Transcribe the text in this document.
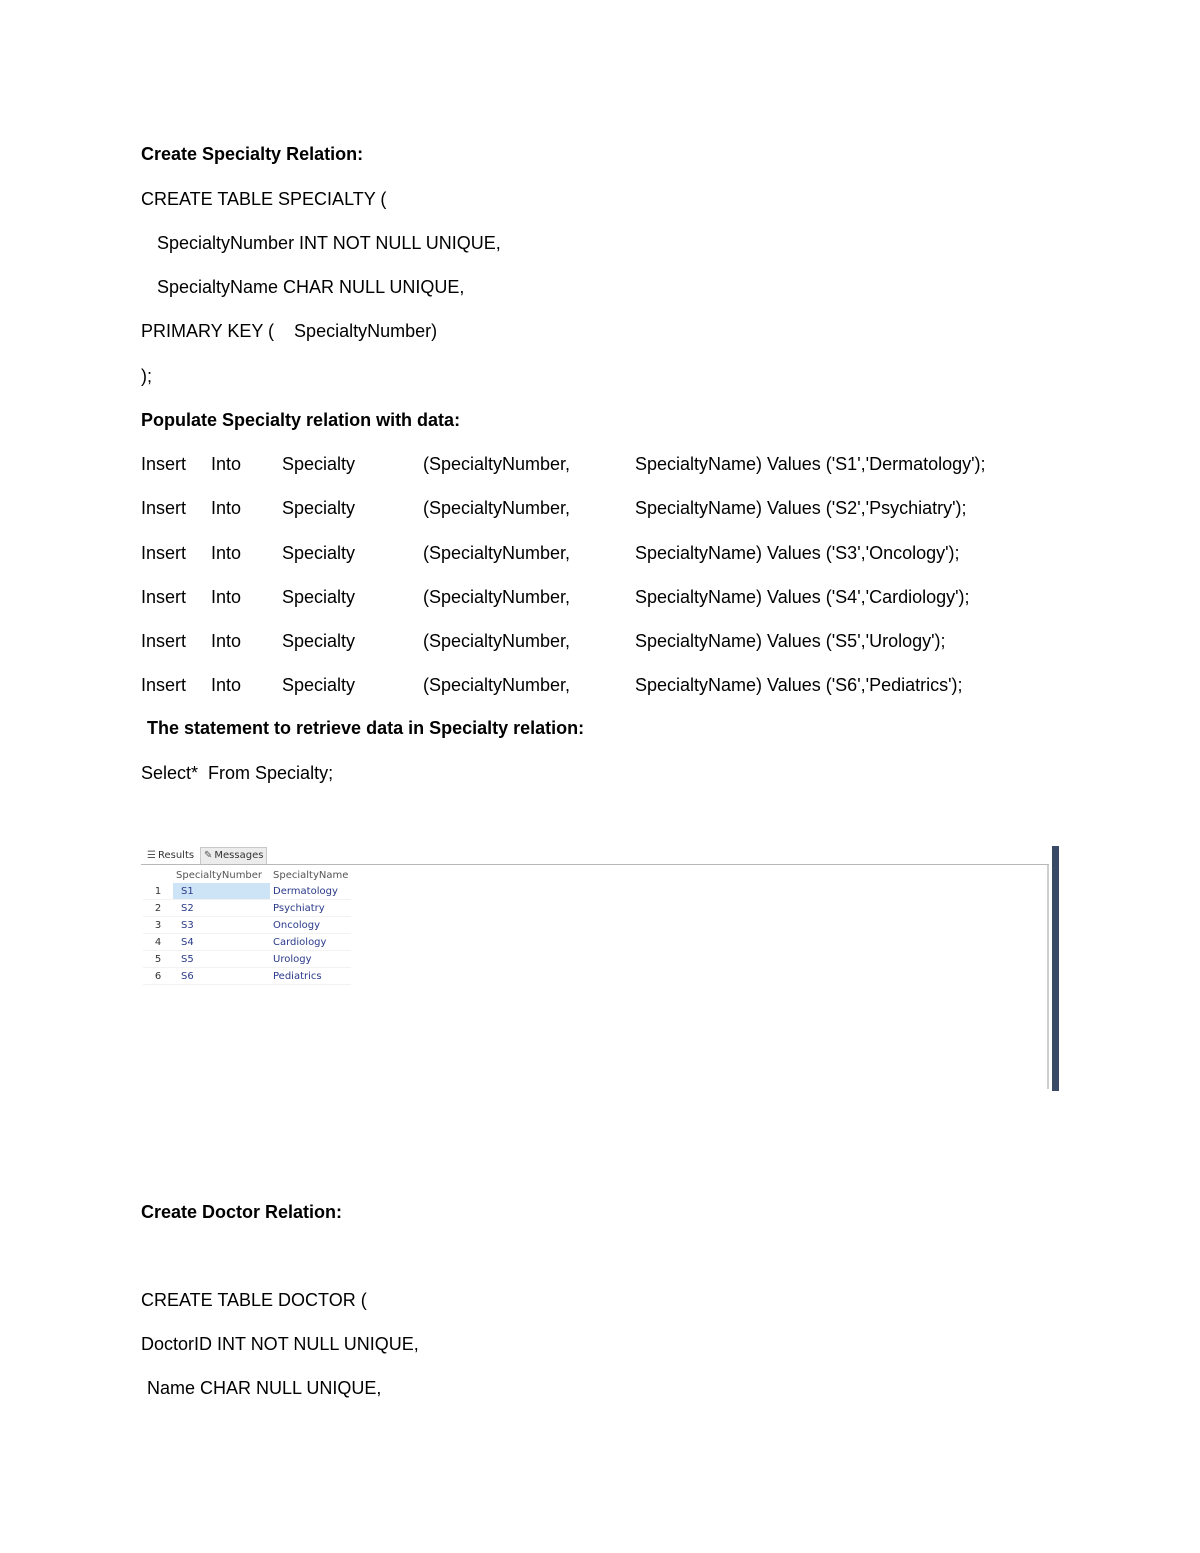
Create Specialty Relation:
CREATE TABLE SPECIALTY (
SpecialtyNumber INT NOT NULL UNIQUE,
SpecialtyName CHAR NULL UNIQUE,
PRIMARY KEY (    SpecialtyNumber)
);
Populate Specialty relation with data:
Insert Into Specialty	(SpecialtyNumber,	SpecialtyName) Values ('S1','Dermatology');
Insert Into Specialty	(SpecialtyNumber,	SpecialtyName) Values ('S2','Psychiatry');
Insert Into Specialty	(SpecialtyNumber,	SpecialtyName) Values ('S3','Oncology');
Insert Into Specialty	(SpecialtyNumber,	SpecialtyName) Values ('S4','Cardiology');
Insert Into Specialty	(SpecialtyNumber,	SpecialtyName) Values ('S5','Urology');
Insert Into Specialty	(SpecialtyNumber,	SpecialtyName) Values ('S6','Pediatrics');
The statement to retrieve data in Specialty relation:
Select*  From Specialty;
☰ Results ✎ Messages
	SpecialtyNumber	SpecialtyName
1	S1	Dermatology
2	S2	Psychiatry
3	S3	Oncology
4	S4	Cardiology
5	S5	Urology
6	S6	Pediatrics
Create Doctor Relation:
CREATE TABLE DOCTOR (
DoctorID INT NOT NULL UNIQUE,
Name CHAR NULL UNIQUE,
